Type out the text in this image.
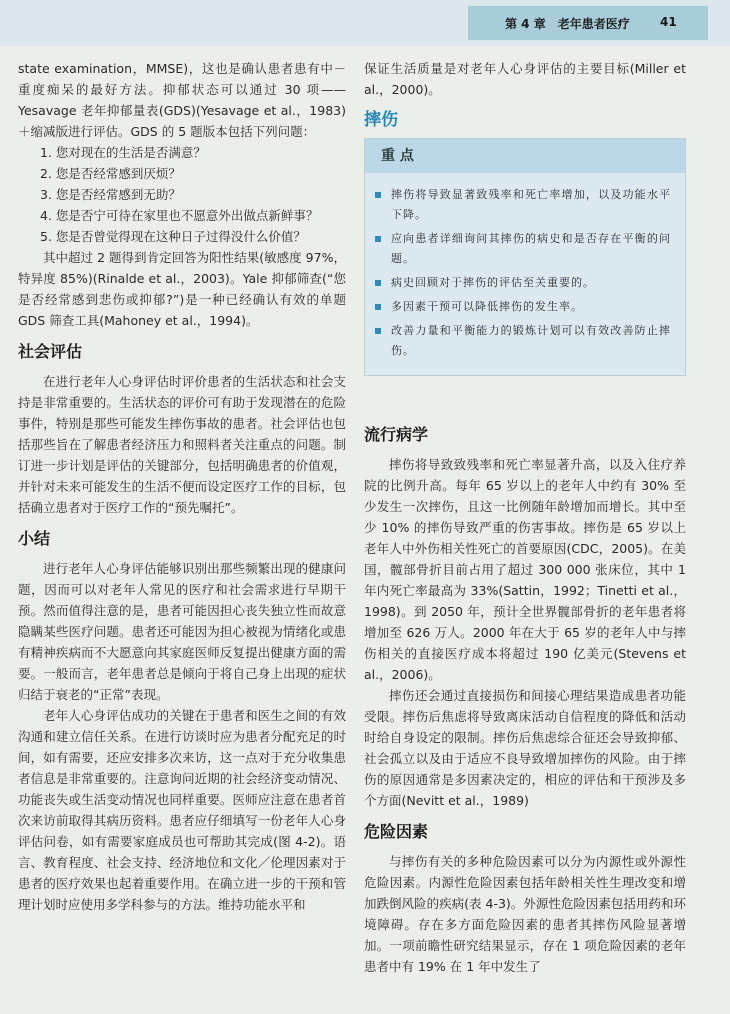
第 4 章　老年患者医疗	41

state examination，MMSE)，这也是确认患者患有中－重度痴呆的最好方法。抑郁状态可以通过 30 项——Yesavage 老年抑郁量表(GDS)(Yesavage et al.，1983)＋缩减版进行评估。GDS 的 5 题版本包括下列问题：

1. 您对现在的生活是否满意？
2. 您是否经常感到厌烦？
3. 您是否经常感到无助？
4. 您是否宁可待在家里也不愿意外出做点新鲜事？
5. 您是否曾觉得现在这种日子过得没什么价值？

其中超过 2 题得到肯定回答为阳性结果(敏感度 97%，特异度 85%)(Rinalde et al.，2003)。Yale 抑郁筛查(“您是否经常感到悲伤或抑郁?”)是一种已经确认有效的单题 GDS 筛查工具(Mahoney et al.，1994)。

社会评估

在进行老年人心身评估时评价患者的生活状态和社会支持是非常重要的。生活状态的评价可有助于发现潜在的危险事件，特别是那些可能发生摔伤事故的患者。社会评估也包括那些旨在了解患者经济压力和照料者关注重点的问题。制订进一步计划是评估的关键部分，包括明确患者的价值观，并针对未来可能发生的生活不便而设定医疗工作的目标，包括确立患者对于医疗工作的“预先嘱托”。

小结

进行老年人心身评估能够识别出那些频繁出现的健康问题，因而可以对老年人常见的医疗和社会需求进行早期干预。然而值得注意的是，患者可能因担心丧失独立性而故意隐瞒某些医疗问题。患者还可能因为担心被视为情绪化或患有精神疾病而不大愿意向其家庭医师反复提出健康方面的需要。一般而言，老年患者总是倾向于将自己身上出现的症状归结于衰老的“正常”表现。

老年人心身评估成功的关键在于患者和医生之间的有效沟通和建立信任关系。在进行访谈时应为患者分配充足的时间，如有需要，还应安排多次来访，这一点对于充分收集患者信息是非常重要的。注意询问近期的社会经济变动情况、功能丧失或生活变动情况也同样重要。医师应注意在患者首次来访前取得其病历资料。患者应仔细填写一份老年人心身评估问卷，如有需要家庭成员也可帮助其完成(图 4-2)。语言、教育程度、社会支持、经济地位和文化／伦理因素对于患者的医疗效果也起着重要作用。在确立进一步的干预和管理计划时应使用多学科参与的方法。维持功能水平和

保证生活质量是对老年人心身评估的主要目标(Miller et al.，2000)。

摔伤
重 点
摔伤将导致显著致残率和死亡率增加，以及功能水平下降。
应向患者详细询问其摔伤的病史和是否存在平衡的问题。
病史回顾对于摔伤的评估至关重要的。
多因素干预可以降低摔伤的发生率。
改善力量和平衡能力的锻炼计划可以有效改善防止摔伤。
流行病学

摔伤将导致致残率和死亡率显著升高，以及入住疗养院的比例升高。每年 65 岁以上的老年人中约有 30% 至少发生一次摔伤，且这一比例随年龄增加而增长。其中至少 10% 的摔伤导致严重的伤害事故。摔伤是 65 岁以上老年人中外伤相关性死亡的首要原因(CDC，2005)。在美国，髋部骨折目前占用了超过 300 000 张床位，其中 1 年内死亡率最高为 33%(Sattin，1992；Tinetti et al.，1998)。到 2050 年，预计全世界髋部骨折的老年患者将增加至 626 万人。2000 年在大于 65 岁的老年人中与摔伤相关的直接医疗成本将超过 190 亿美元(Stevens et al.，2006)。

摔伤还会通过直接损伤和间接心理结果造成患者功能受限。摔伤后焦虑将导致离床活动自信程度的降低和活动时给自身设定的限制。摔伤后焦虑综合征还会导致抑郁、社会孤立以及由于适应不良导致增加摔伤的风险。由于摔伤的原因通常是多因素决定的，相应的评估和干预涉及多个方面(Nevitt et al.，1989)

危险因素

与摔伤有关的多种危险因素可以分为内源性或外源性危险因素。内源性危险因素包括年龄相关性生理改变和增加跌倒风险的疾病(表 4-3)。外源性危险因素包括用药和环境障碍。存在多方面危险因素的患者其摔伤风险显著增加。一项前瞻性研究结果显示，存在 1 项危险因素的老年患者中有 19% 在 1 年中发生了
